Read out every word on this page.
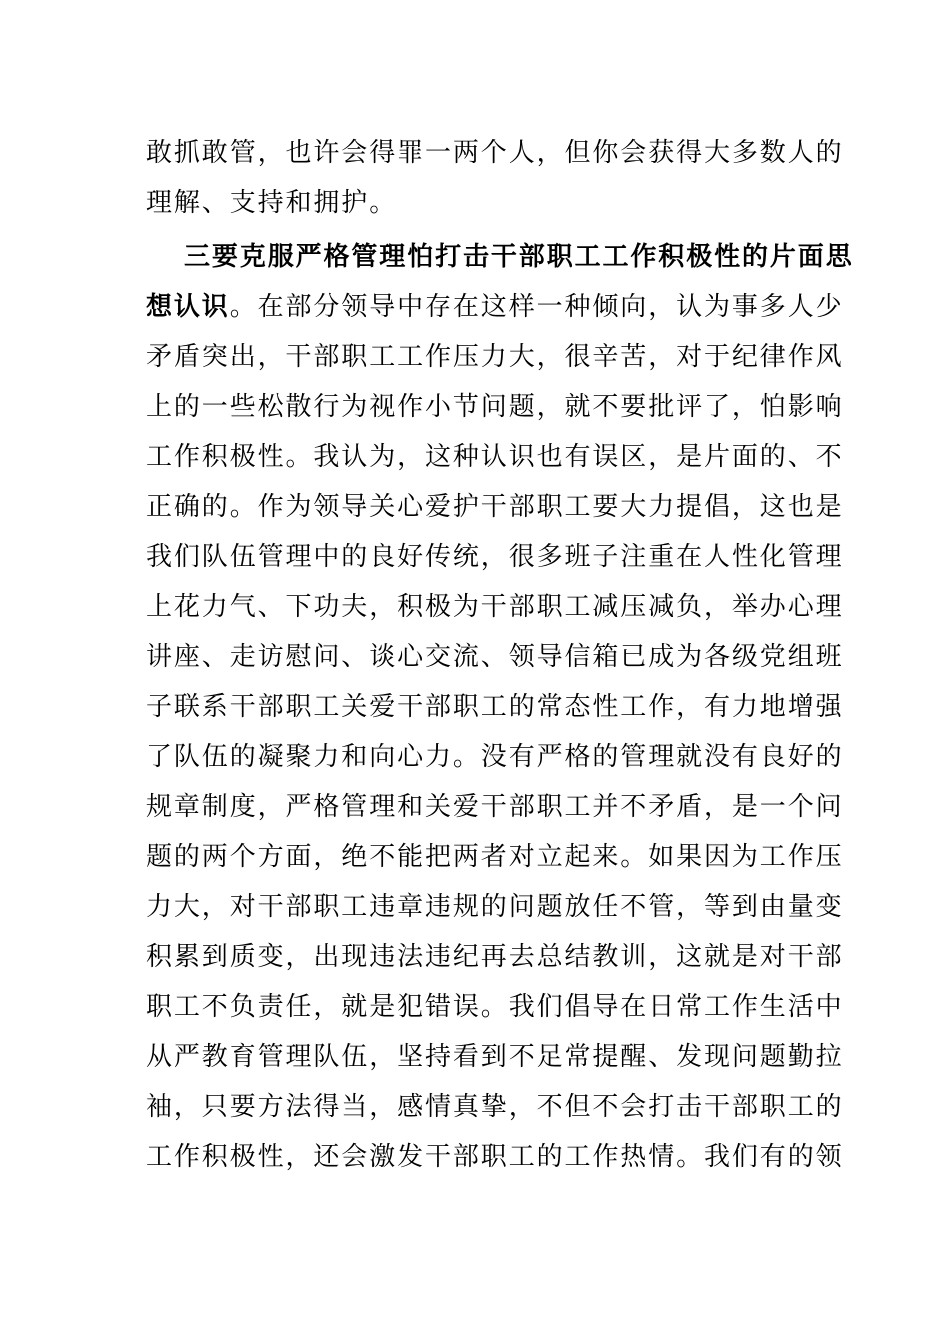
敢抓敢管，也许会得罪一两个人，但你会获得大多数人的
理解、支持和拥护。
三要克服严格管理怕打击干部职工工作积极性的片面思
想认识。在部分领导中存在这样一种倾向，认为事多人少
矛盾突出，干部职工工作压力大，很辛苦，对于纪律作风
上的一些松散行为视作小节问题，就不要批评了，怕影响
工作积极性。我认为，这种认识也有误区，是片面的、不
正确的。作为领导关心爱护干部职工要大力提倡，这也是
我们队伍管理中的良好传统，很多班子注重在人性化管理
上花力气、下功夫，积极为干部职工减压减负，举办心理
讲座、走访慰问、谈心交流、领导信箱已成为各级党组班
子联系干部职工关爱干部职工的常态性工作，有力地增强
了队伍的凝聚力和向心力。没有严格的管理就没有良好的
规章制度，严格管理和关爱干部职工并不矛盾，是一个问
题的两个方面，绝不能把两者对立起来。如果因为工作压
力大，对干部职工违章违规的问题放任不管，等到由量变
积累到质变，出现违法违纪再去总结教训，这就是对干部
职工不负责任，就是犯错误。我们倡导在日常工作生活中
从严教育管理队伍，坚持看到不足常提醒、发现问题勤拉
袖，只要方法得当，感情真挚，不但不会打击干部职工的
工作积极性，还会激发干部职工的工作热情。我们有的领
